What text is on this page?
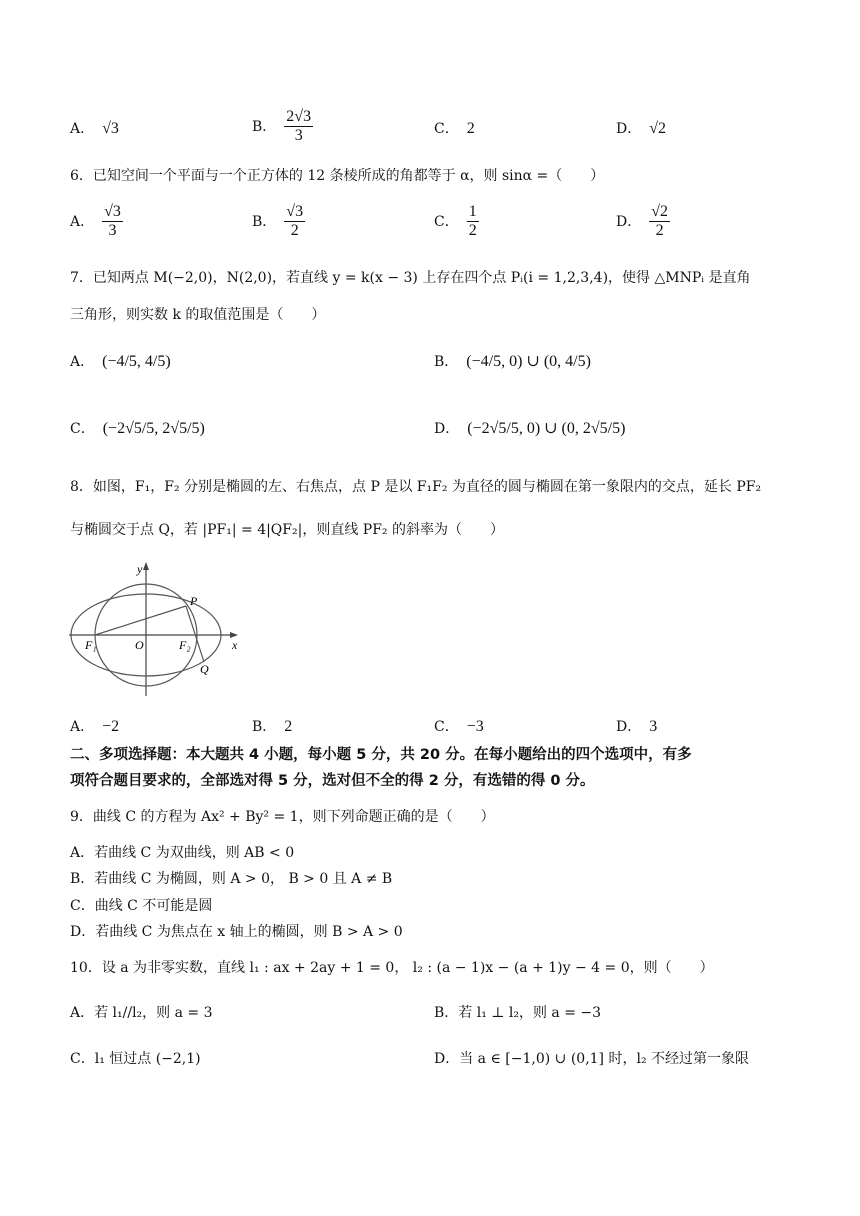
A． √3	B． $\frac{2√3}{3}$	C． 2	D． √2
6．已知空间一个平面与一个正方体的 12 条棱所成的角都等于 α，则 sinα =（　　）
A． $\frac{√3}{3}$	B． $\frac{√3}{2}$	C． $\frac{1}{2}$	D． $\frac{√2}{2}$
7．已知两点 M(−2,0)，N(2,0)，若直线 y = k(x − 3) 上存在四个点 Pᵢ(i = 1,2,3,4)，使得 △MNPᵢ 是直角
三角形，则实数 k 的取值范围是（　　）
A． (−4/5, 4/5)	B． (−4/5, 0) ∪ (0, 4/5)
C． (−2√5/5, 2√5/5)	D． (−2√5/5, 0) ∪ (0, 2√5/5)
8．如图，F₁，F₂ 分别是椭圆的左、右焦点，点 P 是以 F₁F₂ 为直径的圆与椭圆在第一象限内的交点，延长 PF₂
与椭圆交于点 Q，若 |PF₁| = 4|QF₂|，则直线 PF₂ 的斜率为（　　）
y
x
O
P
F₁	F₂
Q
A． −2	B． 2	C． −3	D． 3
二、多项选择题：本大题共 4 小题，每小题 5 分，共 20 分。在每小题给出的四个选项中，有多
项符合题目要求的，全部选对得 5 分，选对但不全的得 2 分，有选错的得 0 分。
9．曲线 C 的方程为 Ax² + By² = 1，则下列命题正确的是（　　）
A．若曲线 C 为双曲线，则 AB < 0
B．若曲线 C 为椭圆，则 A > 0， B > 0 且 A ≠ B
C．曲线 C 不可能是圆
D．若曲线 C 为焦点在 x 轴上的椭圆，则 B > A > 0
10．设 a 为非零实数，直线 l₁ : ax + 2ay + 1 = 0， l₂ : (a − 1)x − (a + 1)y − 4 = 0，则（　　）
A．若 l₁//l₂，则 a = 3	B．若 l₁ ⊥ l₂，则 a = −3
C．l₁ 恒过点 (−2,1)	D．当 a ∈ [−1,0) ∪ (0,1] 时，l₂ 不经过第一象限
